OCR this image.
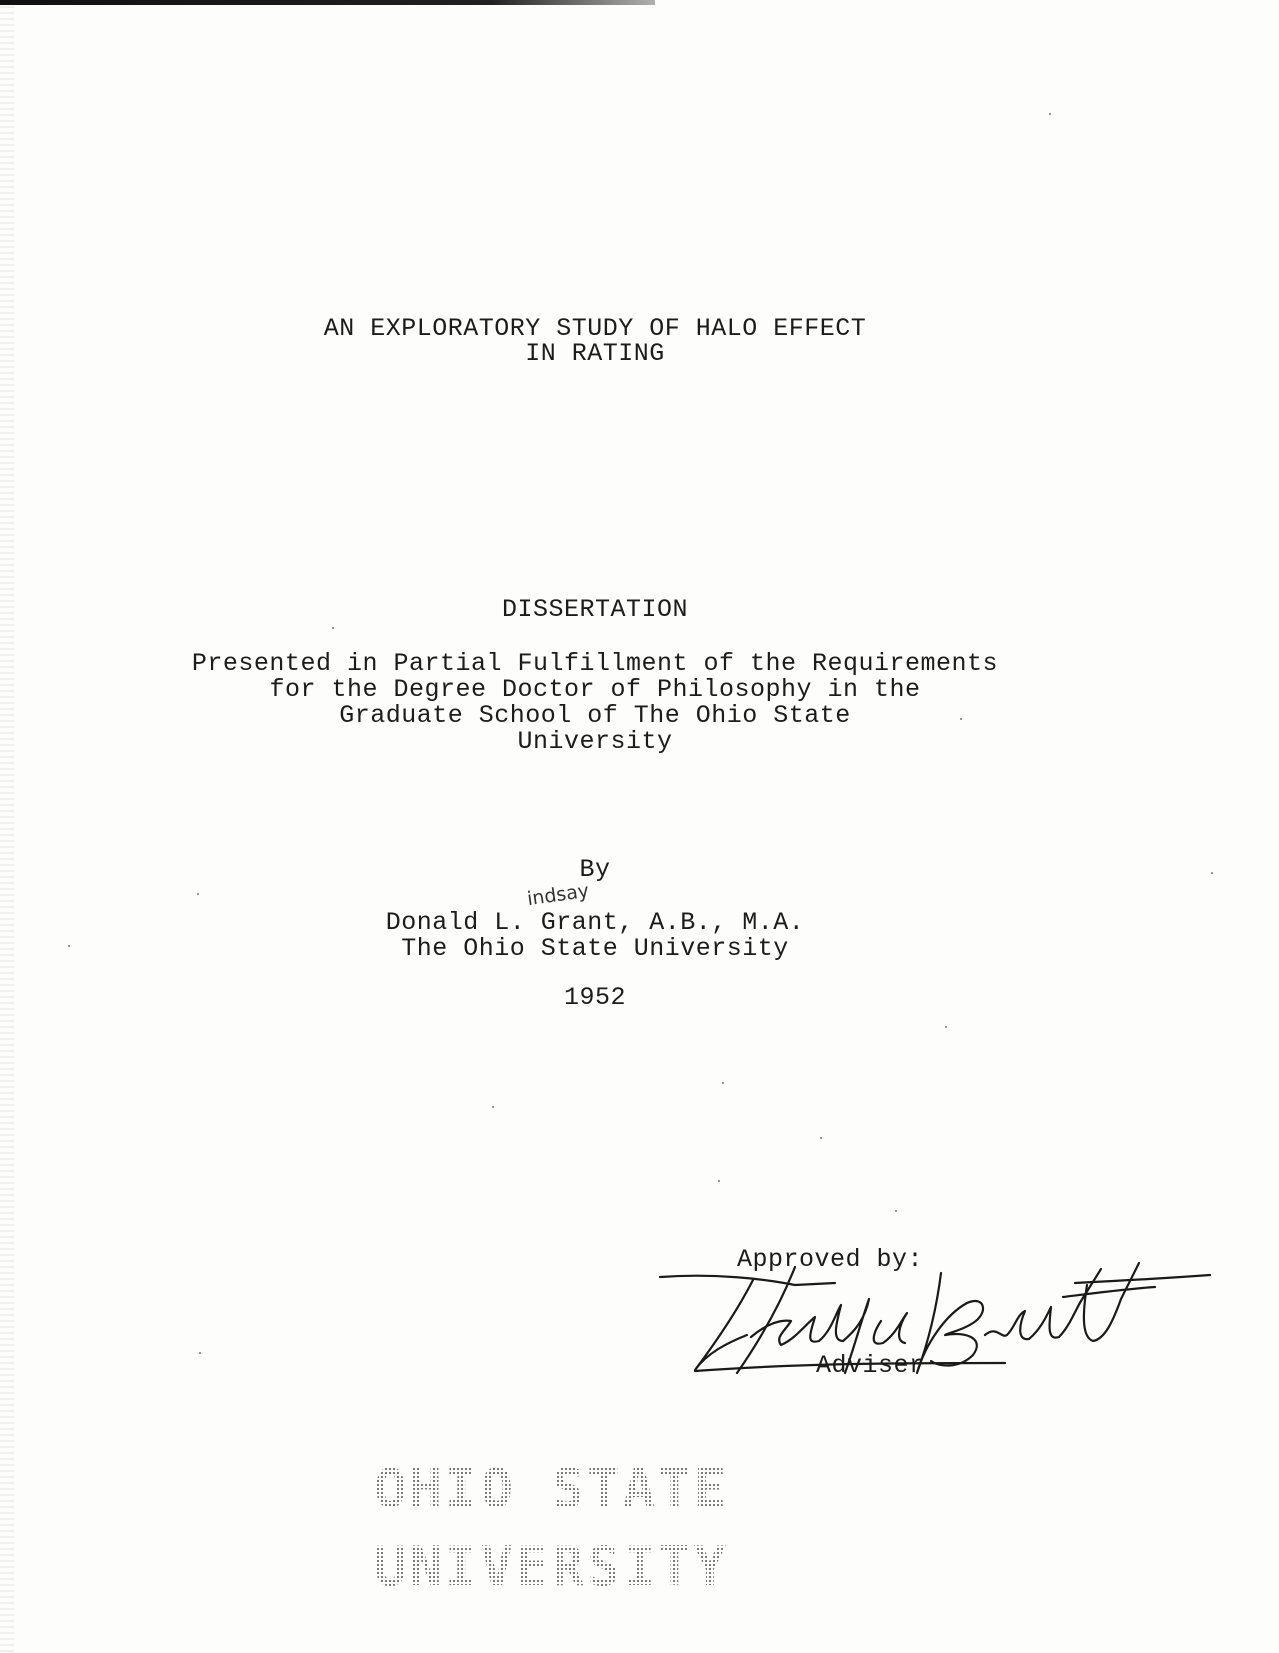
AN EXPLORATORY STUDY OF HALO EFFECT
IN RATING
DISSERTATION
Presented in Partial Fulfillment of the Requirements
for the Degree Doctor of Philosophy in the
Graduate School of The Ohio State
University
By
indsay
Donald L. Grant, A.B., M.A.
The Ohio State University
1952
Approved by:
Adviser
OHIO STATE
UNIVERSITY
